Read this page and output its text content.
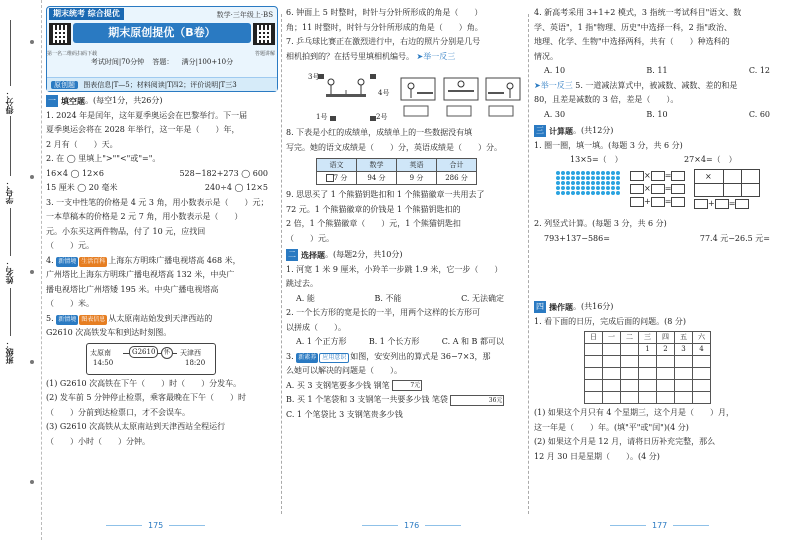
得分：
学号：
姓名：
班级：
期末统考 综合提优	数学·三年级上·BS
期末原创提优（B卷）
第一名二维码扫码下载	答题讲解
考试时间|70分钟 答题： 满分|100+10分
原创题 图表信息|T—5；材料阅读|T四2；评价说明|T三3
一 填空题 。(每空1分，共26分)
1. 2024 年是闰年，这年夏季奥运会在巴黎举行。下一届
夏季奥运会将在 2028 年举行，这一年是（　　）年，
2 月有（　　）天。
2. 在 ◯ 里填上">""<"或"="。
16×4 ◯ 12×6	528−182+273 ◯ 600
15 厘米 ◯ 20 毫米	240÷4 ◯ 12×5
3. 一支中性笔的价格是 4 元 3 角，用小数表示是（　　）元；
一本草稿本的价格是 2 元 7 角，用小数表示是（　　）
元。小东买这两件物品，付了 10 元，应找回
（　　）元。
4. 新情境 生活百科 上海东方明珠广播电视塔高 468 米，
广州塔比上海东方明珠广播电视塔高 132 米，中央广
播电视塔比广州塔矮 195 米。中央广播电视塔高
（　　）米。
5. 新情境 图表信息 从太原南站始发到天津西站的
G2610 次高铁发车和到达时刻图。
太原南
14:50
G2610	怀	天津西
18:20
(1) G2610 次高铁在下午（　　）时（　　）分发车。
(2) 发车前 5 分钟停止检票，乘客最晚在下午（　　）时
（　　）分前到达检票口，才不会误车。
(3) G2610 次高铁从太原南站到天津西站全程运行
（　　）小时（　　）分钟。
175
6. 钟面上 5 时整时，时针与分针所形成的角是（　　）
角；11 时整时，时针与分针所形成的角是（　　）角。
7. 乒乓球比赛正在激烈进行中，右边的照片分别是几号
相机拍到的？在括号里填相机编号。 ➤举一反三
3号
4号
1号	2号
8. 下表是小红的成绩单，成绩单上的一些数据没有填
写完。她的语文成绩是（　　）分，英语成绩是（　　）分。
语文	数学	英语	合计
7 分	94 分	9 分	286 分
9. 思思买了 1 个熊猫钥匙扣和 1 个熊猫徽章一共用去了
72 元。1 个熊猫徽章的价钱是 1 个熊猫钥匙扣的
2 倍，1 个熊猫徽章（　　）元，1 个熊猫钥匙扣
（　　）元。
二 选择题 。(每题2分，共10分)
1. 河宽 1 米 9 厘米，小羚羊一步跳 1.9 米，它一步（　　）
跳过去。
A. 能	B. 不能	C. 无法确定
2. 一个长方形的宽是长的一半，用两个这样的长方形可
以拼成（　　）。
A. 1 个正方形	B. 1 个长方形	C. A 和 B 都可以
3. 新素养 应用意识 如图，安安列出的算式是 36−7×3，那
么她可以解决的问题是（　　）。
A. 买 3 支钢笔要多少钱 钢笔	7元
B. 买 1 个笔袋和 3 支钢笔一共要多少钱 笔袋	36元
C. 1 个笔袋比 3 支钢笔贵多少钱
176
4. 新高考采用 3+1+2 模式，3 指统一考试科目"语文、数
学、英语"，1 指"物理、历史"中选择一科，2 指"政治、
地理、化学、生物"中选择两科，共有（　　）种选科的
情况。
A. 10	B. 11	C. 12
➤举一反三 5. 一道减法算式中，被减数、减数、差的和是
80，且差是减数的 3 倍，差是（　　）。
A. 30	B. 10	C. 60
三 计算题 。(共12分)
1. 圈一圈，填一填。(每题 3 分，共 6 分)
13×5=（　）	27×4=（　）
× =
× =
+ =
×
+ =
2. 列竖式计算。(每题 3 分，共 6 分)
793+137−586=	77.4 元−26.5 元=
四 操作题 。(共16分)
1. 看下面的日历，完成后面的问题。(8 分)
日	一	二	三	四	五	六
			1	2	3	4

(1) 如果这个月只有 4 个星期三，这个月是（　　）月，
这一年是（　　）年。(填"平"或"闰")(4 分)
(2) 如果这个月是 12 月，请将日历补充完整，那么
12 月 30 日是星期（　　）。(4 分)
177
